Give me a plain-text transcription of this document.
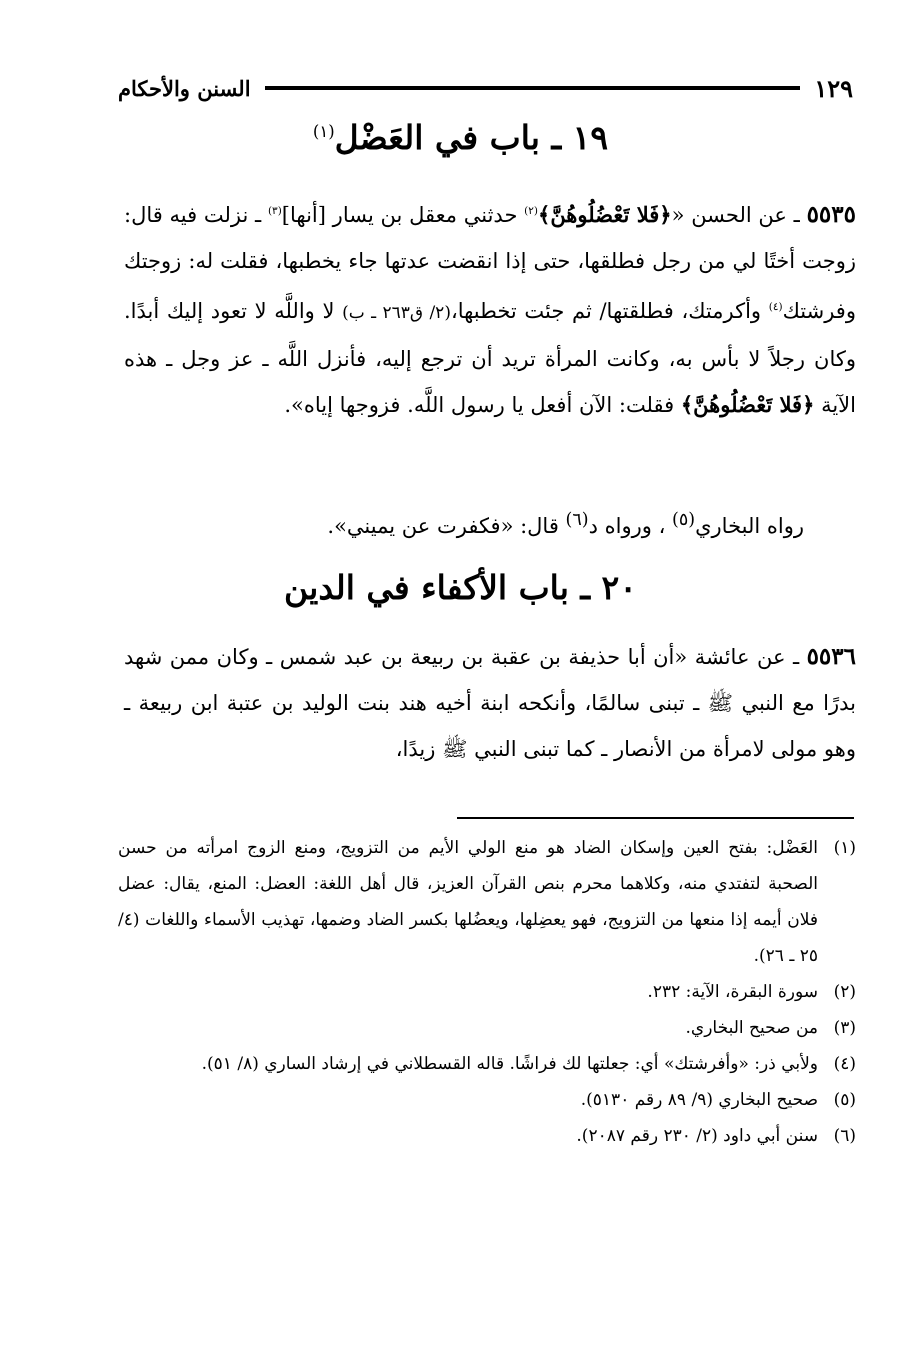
السنن والأحكام	١٢٩
١٩ ـ باب في العَضْل$^{(١)}$
٥٥٣٥ ـ عن الحسن «﴿فَلا تَعْضُلُوهُنَّ﴾$^{(٢)}$ حدثني معقل بن يسار [أنها]$^{(٣)}$ ـ نزلت فيه قال: زوجت أختًا لي من رجل فطلقها، حتى إذا انقضت عدتها جاء يخطبها، فقلت له: زوجتك وفرشتك$^{(٤)}$ وأكرمتك، فطلقتها/ ثم جئت تخطبها،(٢/ ق٢٦٣ ـ ب) لا واللَّه لا تعود إليك أبدًا. وكان رجلاً لا بأس به، وكانت المرأة تريد أن ترجع إليه، فأنزل اللَّه ـ عز وجل ـ هذه الآية ﴿فَلا تَعْضُلُوهُنَّ﴾ فقلت: الآن أفعل يا رسول اللَّه. فزوجها إياه».
رواه البخاري$^{(٥)}$ ، ورواه د$^{(٦)}$ قال: «فكفرت عن يميني».
٢٠ ـ باب الأكفاء في الدين
٥٥٣٦ ـ عن عائشة «أن أبا حذيفة بن عقبة بن ربيعة بن عبد شمس ـ وكان ممن شهد بدرًا مع النبي ﷺ ـ تبنى سالمًا، وأنكحه ابنة أخيه هند بنت الوليد بن عتبة ابن ربيعة ـ وهو مولى لامرأة من الأنصار ـ كما تبنى النبي ﷺ زيدًا،
(١)
العَضْل: بفتح العين وإسكان الضاد هو منع الولي الأيم من التزويج، ومنع الزوج امرأته من حسن الصحبة لتفتدي منه، وكلاهما محرم بنص القرآن العزيز، قال أهل اللغة: العضل: المنع، يقال: عضل فلان أيمه إذا منعها من التزويج، فهو يعضِلها، ويعضُلها بكسر الضاد وضمها، تهذيب الأسماء واللغات (٤/ ٢٥ ـ ٢٦).
(٢)
سورة البقرة، الآية: ٢٣٢.
(٣)
من صحيح البخاري.
(٤)
ولأبي ذر: «وأفرشتك» أي: جعلتها لك فراشًا. قاله القسطلاني في إرشاد الساري (٨/ ٥١).
(٥)
صحيح البخاري (٩/ ٨٩ رقم ٥١٣٠).
(٦)
سنن أبي داود (٢/ ٢٣٠ رقم ٢٠٨٧).
